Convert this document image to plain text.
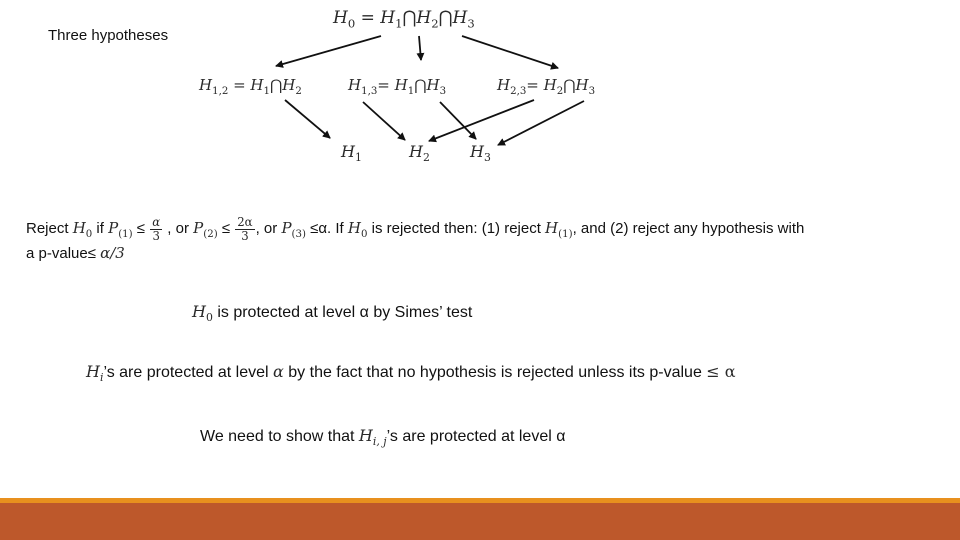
Three hypotheses
$H_0$ = $H_1⋂H_2⋂H_3$
$H_{1,2}$ = $H_1⋂H_2$	$H_{1,3}=$ $H_1⋂H_3$	$H_{2,3}=$ $H_2⋂H_3$
$H_1$	$H_2$	$H_3$
Reject $H_0$ if $P_{(1)} \le \frac{\alpha}{3}$ , or $P_{(2)} \le \frac{2\alpha}{3}$ , or $P_{(3)} \le\alpha$. If $H_0$ is rejected then: (1) reject $H_{(1)}$, and (2) reject any hypothesis with
a p-value≤ α/3
$H_0$ is protected at level α by Simes’ test
$H_i’s$ are protected at level α by the fact that no hypothesis is rejected unless its p-value ≤ α
We need to show that $H_{i, j}’s$ are protected at level α
